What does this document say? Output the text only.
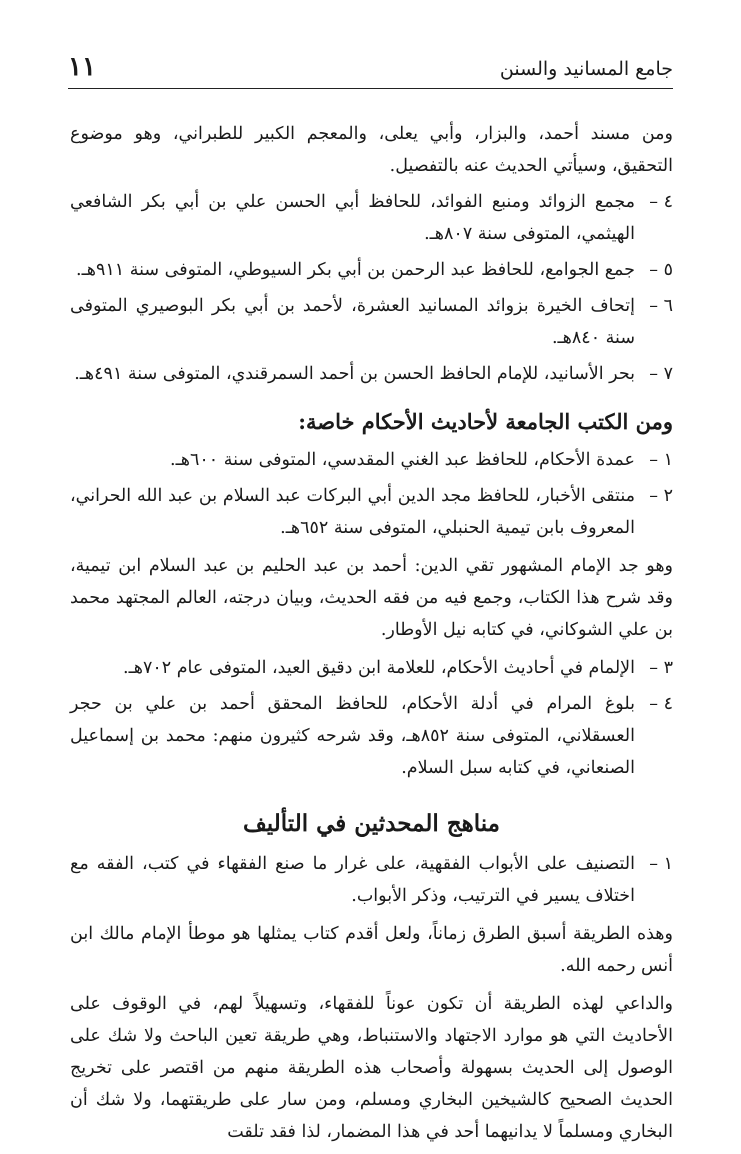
١١	جامع المسانيد والسنن

ومن مسند أحمد، والبزار، وأبي يعلى، والمعجم الكبير للطبراني، وهو موضوع التحقيق، وسيأتي الحديث عنه بالتفصيل.

٤ –
مجمع الزوائد ومنبع الفوائد، للحافظ أبي الحسن علي بن أبي بكر الشافعي الهيثمي، المتوفى سنة ٨٠٧هـ.
٥ –
جمع الجوامع، للحافظ عبد الرحمن بن أبي بكر السيوطي، المتوفى سنة ٩١١هـ.
٦ –
إتحاف الخيرة بزوائد المسانيد العشرة، لأحمد بن أبي بكر البوصيري المتوفى سنة ٨٤٠هـ.
٧ –
بحر الأسانيد، للإمام الحافظ الحسن بن أحمد السمرقندي، المتوفى سنة ٤٩١هـ.
ومن الكتب الجامعة لأحاديث الأحكام خاصة:
١ –
عمدة الأحكام، للحافظ عبد الغني المقدسي، المتوفى سنة ٦٠٠هـ.
٢ –
منتقى الأخبار، للحافظ مجد الدين أبي البركات عبد السلام بن عبد الله الحراني، المعروف بابن تيمية الحنبلي، المتوفى سنة ٦٥٢هـ.

وهو جد الإمام المشهور تقي الدين: أحمد بن عبد الحليم بن عبد السلام ابن تيمية، وقد شرح هذا الكتاب، وجمع فيه من فقه الحديث، وبيان درجته، العالم المجتهد محمد بن علي الشوكاني، في كتابه نيل الأوطار.

٣ –
الإلمام في أحاديث الأحكام، للعلامة ابن دقيق العيد، المتوفى عام ٧٠٢هـ.
٤ –
بلوغ المرام في أدلة الأحكام، للحافظ المحقق أحمد بن علي بن حجر العسقلاني، المتوفى سنة ٨٥٢هـ، وقد شرحه كثيرون منهم: محمد بن إسماعيل الصنعاني، في كتابه سبل السلام.
مناهج المحدثين في التأليف
١ –
التصنيف على الأبواب الفقهية، على غرار ما صنع الفقهاء في كتب، الفقه مع اختلاف يسير في الترتيب، وذكر الأبواب.

وهذه الطريقة أسبق الطرق زماناً، ولعل أقدم كتاب يمثلها هو موطأ الإمام مالك ابن أنس رحمه الله.

والداعي لهذه الطريقة أن تكون عوناً للفقهاء، وتسهيلاً لهم، في الوقوف على الأحاديث التي هو موارد الاجتهاد والاستنباط، وهي طريقة تعين الباحث ولا شك على الوصول إلى الحديث بسهولة وأصحاب هذه الطريقة منهم من اقتصر على تخريج الحديث الصحيح كالشيخين البخاري ومسلم، ومن سار على طريقتهما، ولا شك أن البخاري ومسلماً لا يدانيهما أحد في هذا المضمار، لذا فقد تلقت
